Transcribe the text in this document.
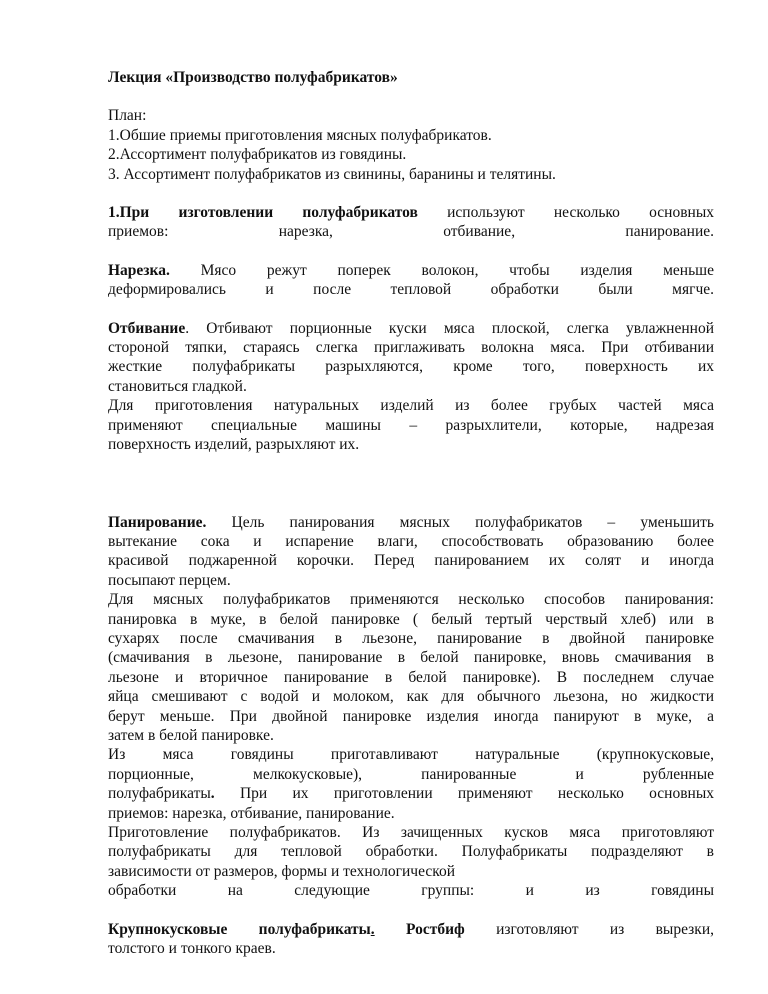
Лекция «Производство полуфабрикатов»

План:

1.Обшие приемы приготовления мясных полуфабрикатов.

2.Ассортимент полуфабрикатов из говядины.

3. Ассортимент полуфабрикатов из свинины, баранины и телятины.

1.При изготовлении полуфабрикатов используют несколько основных

приемов: нарезка, отбивание, панирование.

Нарезка. Мясо режут поперек волокон, чтобы изделия меньше

деформировались и после тепловой обработки были мягче.

Отбивание. Отбивают порционные куски мяса плоской, слегка увлажненной

стороной тяпки, стараясь слегка приглаживать волокна мяса. При отбивании

жесткие полуфабрикаты разрыхляются, кроме того, поверхность их

становиться гладкой.

Для приготовления натуральных изделий из более грубых частей мяса

применяют специальные машины – разрыхлители, которые, надрезая

поверхность изделий, разрыхляют их.

Панирование. Цель панирования мясных полуфабрикатов – уменьшить

вытекание сока и испарение влаги, способствовать образованию более

красивой поджаренной корочки. Перед панированием их солят и иногда

посыпают перцем.

Для мясных полуфабрикатов применяются несколько способов панирования:

панировка в муке, в белой панировке ( белый тертый черствый хлеб) или в

сухарях после смачивания в льезоне, панирование в двойной панировке

(смачивания в льезоне, панирование в белой панировке, вновь смачивания в

льезоне и вторичное панирование в белой панировке). В последнем случае

яйца смешивают с водой и молоком, как для обычного льезона, но жидкости

берут меньше. При двойной панировке изделия иногда панируют в муке, а

затем в белой панировке.

Из мяса говядины приготавливают натуральные (крупнокусковые,

порционные, мелкокусковые), панированные и рубленные

полуфабрикаты. При их приготовлении применяют несколько основных

приемов: нарезка, отбивание, панирование.

Приготовление полуфабрикатов. Из зачищенных кусков мяса приготовляют

полуфабрикаты для тепловой обработки. Полуфабрикаты подразделяют в

зависимости от размеров, формы и технологической

обработки на следующие группы: и из говядины

Крупнокусковые полуфабрикаты. Ростбиф изготовляют из вырезки,

толстого и тонкого краев.
